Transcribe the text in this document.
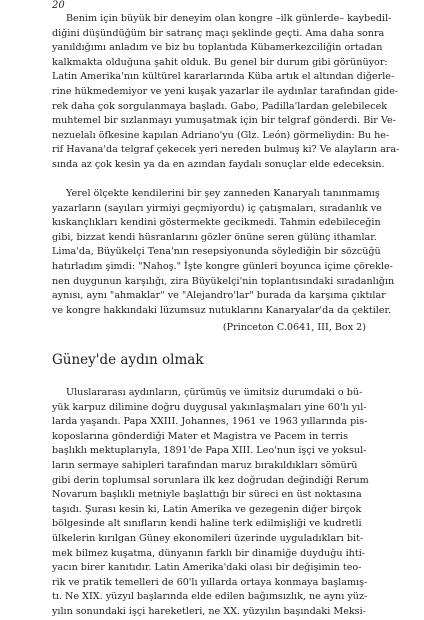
20
Benim için büyük bir deneyim olan kongre –ilk günlerde– kaybedil-
diğini düşündüğüm bir satranç maçı şeklinde geçti. Ama daha sonra
yanıldığımı anladım ve biz bu toplantıda Kübamerkezciliğin ortadan
kalkmakta olduğuna şahit olduk. Bu genel bir durum gibi görünüyor:
Latin Amerika'nın kültürel kararlarında Küba artık el altından diğerle-
rine hükmedemiyor ve yeni kuşak yazarlar ile aydınlar tarafından gide-
rek daha çok sorgulanmaya başladı. Gabo, Padilla'lardan gelebilecek
muhtemel bir sızlanmayı yumuşatmak için bir telgraf gönderdi. Bir Ve-
nezuelalı öfkesine kapılan Adriano'yu (Glz. León) görmeliydin: Bu he-
rif Havana'da telgraf çekecek yeri nereden bulmuş ki? Ve alayların ara-
sında az çok kesin ya da en azından faydalı sonuçlar elde edeceksin.
Yerel ölçekte kendilerini bir şey zanneden Kanaryalı tanınmamış
yazarların (sayıları yirmiyi geçmiyordu) iç çatışmaları, sıradanlık ve
kıskançlıkları kendini göstermekte gecikmedi. Tahmin edebileceğin
gibi, bizzat kendi hüsranlarını gözler önüne seren gülünç ithamlar.
Lima'da, Büyükelçi Tena'nın resepsiyonunda söylediğin bir sözcüğü
hatırladım şimdi: "Nahoş." İşte kongre günleri boyunca içime çörekle-
nen duygunun karşılığı, zira Büyükelçi'nin toplantısındaki sıradanlığın
aynısı, aynı "ahmaklar" ve "Alejandro'lar" burada da karşıma çıktılar
ve kongre hakkındaki lüzumsuz nutuklarını Kanaryalar'da da çektiler.
(Princeton C.0641, III, Box 2)
Güney'de aydın olmak
Uluslararası aydınların, çürümüş ve ümitsiz durumdaki o bü-
yük karpuz dilimine doğru duygusal yakınlaşmaları yine 60'lı yıl-
larda yaşandı. Papa XXIII. Johannes, 1961 ve 1963 yıllarında pis-
koposlarına gönderdiği Mater et Magistra ve Pacem in terris
başlıklı mektuplarıyla, 1891'de Papa XIII. Leo'nun işçi ve yoksul-
ların sermaye sahipleri tarafından maruz bırakıldıkları sömürü
gibi derin toplumsal sorunlara ilk kez doğrudan değindiği Rerum
Novarum başlıklı metniyle başlattığı bir süreci en üst noktasına
taşıdı. Şurası kesin ki, Latin Amerika ve gezegenin diğer birçok
bölgesinde alt sınıfların kendi haline terk edilmişliği ve kudretli
ülkelerin kırılgan Güney ekonomileri üzerinde uyguladıkları bit-
mek bilmez kuşatma, dünyanın farklı bir dinamiğe duyduğu ihti-
yacın birer kanıtıdır. Latin Amerika'daki olası bir değişimin teo-
rik ve pratik temelleri de 60'lı yıllarda ortaya konmaya başlamış-
tı. Ne XIX. yüzyıl başlarında elde edilen bağımsızlık, ne aynı yüz-
yılın sonundaki işçi hareketleri, ne XX. yüzyılın başındaki Meksi-
